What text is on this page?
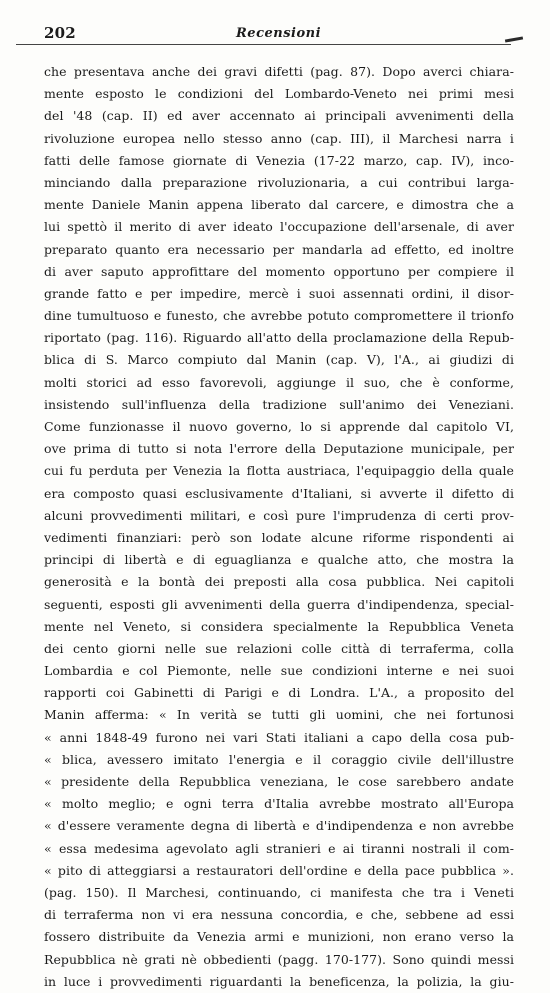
202	Recensioni
che presentava anche dei gravi difetti (pag. 87). Dopo averci chiara-
mente esposto le condizioni del Lombardo-Veneto nei primi mesi
del '48 (cap. II) ed aver accennato ai principali avvenimenti della
rivoluzione europea nello stesso anno (cap. III), il Marchesi narra i
fatti delle famose giornate di Venezia (17-22 marzo, cap. IV), inco-
minciando dalla preparazione rivoluzionaria, a cui contribui larga-
mente Daniele Manin appena liberato dal carcere, e dimostra che a
lui spettò il merito di aver ideato l'occupazione dell'arsenale, di aver
preparato quanto era necessario per mandarla ad effetto, ed inoltre
di aver saputo approfittare del momento opportuno per compiere il
grande fatto e per impedire, mercè i suoi assennati ordini, il disor-
dine tumultuoso e funesto, che avrebbe potuto compromettere il trionfo
riportato (pag. 116). Riguardo all'atto della proclamazione della Repub-
blica di S. Marco compiuto dal Manin (cap. V), l'A., ai giudizi di
molti storici ad esso favorevoli, aggiunge il suo, che è conforme,
insistendo sull'influenza della tradizione sull'animo dei Veneziani.
Come funzionasse il nuovo governo, lo si apprende dal capitolo VI,
ove prima di tutto si nota l'errore della Deputazione municipale, per
cui fu perduta per Venezia la flotta austriaca, l'equipaggio della quale
era composto quasi esclusivamente d'Italiani, si avverte il difetto di
alcuni provvedimenti militari, e così pure l'imprudenza di certi prov-
vedimenti finanziari: però son lodate alcune riforme rispondenti ai
principi di libertà e di eguaglianza e qualche atto, che mostra la
generosità e la bontà dei preposti alla cosa pubblica. Nei capitoli
seguenti, esposti gli avvenimenti della guerra d'indipendenza, special-
mente nel Veneto, si considera specialmente la Repubblica Veneta
dei cento giorni nelle sue relazioni colle città di terraferma, colla
Lombardia e col Piemonte, nelle sue condizioni interne e nei suoi
rapporti coi Gabinetti di Parigi e di Londra. L'A., a proposito del
Manin afferma: « In verità se tutti gli uomini, che nei fortunosi
« anni 1848-49 furono nei vari Stati italiani a capo della cosa pub-
« blica, avessero imitato l'energia e il coraggio civile dell'illustre
« presidente della Repubblica veneziana, le cose sarebbero andate
« molto meglio; e ogni terra d'Italia avrebbe mostrato all'Europa
« d'essere veramente degna di libertà e d'indipendenza e non avrebbe
« essa medesima agevolato agli stranieri e ai tiranni nostrali il com-
« pito di atteggiarsi a restauratori dell'ordine e della pace pubblica ».
(pag. 150). Il Marchesi, continuando, ci manifesta che tra i Veneti
di terraferma non vi era nessuna concordia, e che, sebbene ad essi
fossero distribuite da Venezia armi e munizioni, non erano verso la
Repubblica nè grati nè obbedienti (pagg. 170-177). Sono quindi messi
in luce i provvedimenti riguardanti la beneficenza, la polizia, la giu-
